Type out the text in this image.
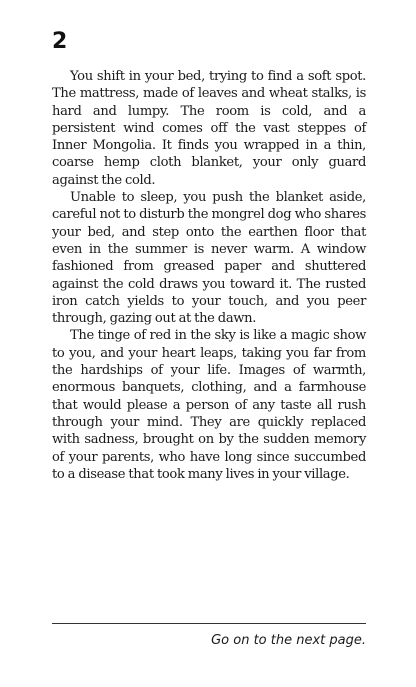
2

You shift in your bed, trying to find a soft spot. The mattress, made of leaves and wheat stalks, is hard and lumpy. The room is cold, and a persistent wind comes off the vast steppes of Inner Mongolia. It finds you wrapped in a thin, coarse hemp cloth blanket, your only guard against the cold.

Unable to sleep, you push the blanket aside, careful not to disturb the mongrel dog who shares your bed, and step onto the earthen floor that even in the summer is never warm. A window fashioned from greased paper and shuttered against the cold draws you toward it. The rusted iron catch yields to your touch, and you peer through, gazing out at the dawn.

The tinge of red in the sky is like a magic show to you, and your heart leaps, taking you far from the hardships of your life. Images of warmth, enormous banquets, clothing, and a farmhouse that would please a person of any taste all rush through your mind. They are quickly replaced with sadness, brought on by the sudden memory of your parents, who have long since succumbed to a disease that took many lives in your village.

Go on to the next page.
